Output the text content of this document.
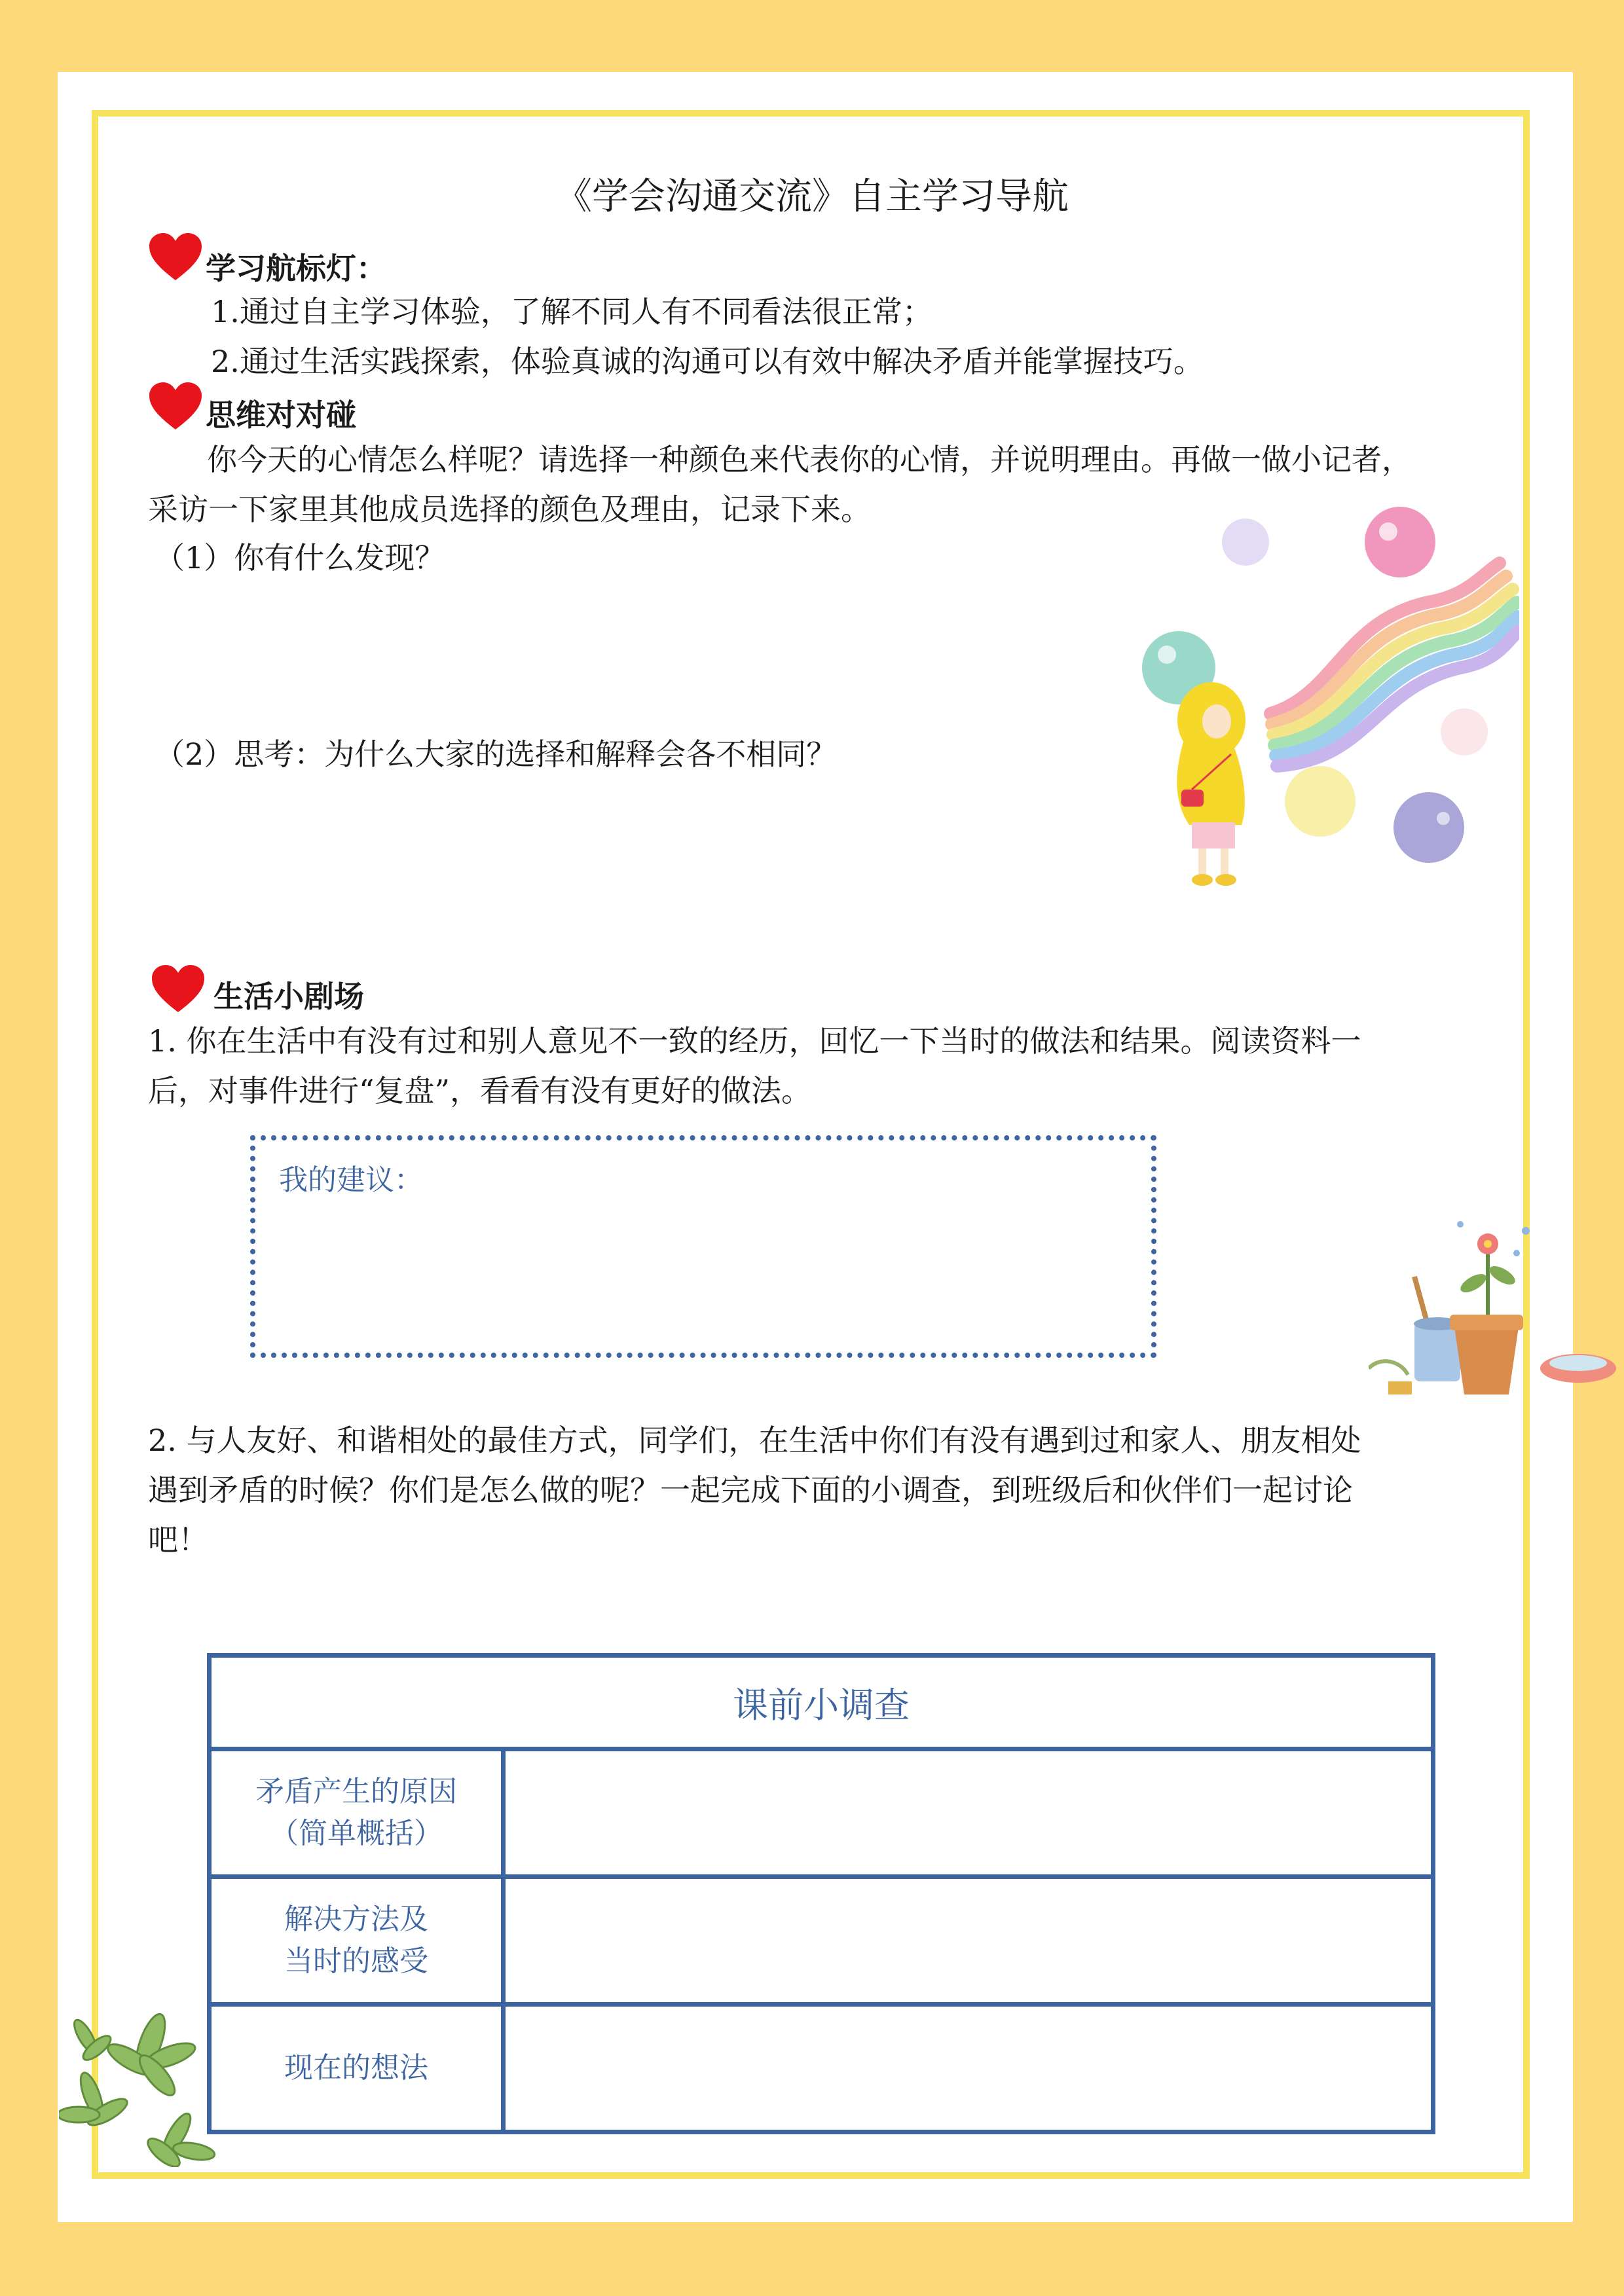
《学会沟通交流》自主学习导航
学习航标灯：
1.通过自主学习体验，了解不同人有不同看法很正常；
2.通过生活实践探索，体验真诚的沟通可以有效中解决矛盾并能掌握技巧。
思维对对碰
你今天的心情怎么样呢？请选择一种颜色来代表你的心情，并说明理由。再做一做小记者，
采访一下家里其他成员选择的颜色及理由，记录下来。
（1）你有什么发现？
（2）思考：为什么大家的选择和解释会各不相同？
生活小剧场
1. 你在生活中有没有过和别人意见不一致的经历，回忆一下当时的做法和结果。阅读资料一
后，对事件进行“复盘”，看看有没有更好的做法。
我的建议：
2. 与人友好、和谐相处的最佳方式，同学们，在生活中你们有没有遇到过和家人、朋友相处
遇到矛盾的时候？你们是怎么做的呢？一起完成下面的小调查，到班级后和伙伴们一起讨论
吧！
课前小调查	

矛盾产生的原因
（简单概括）	

解决方法及
当时的感受	

现在的想法	
